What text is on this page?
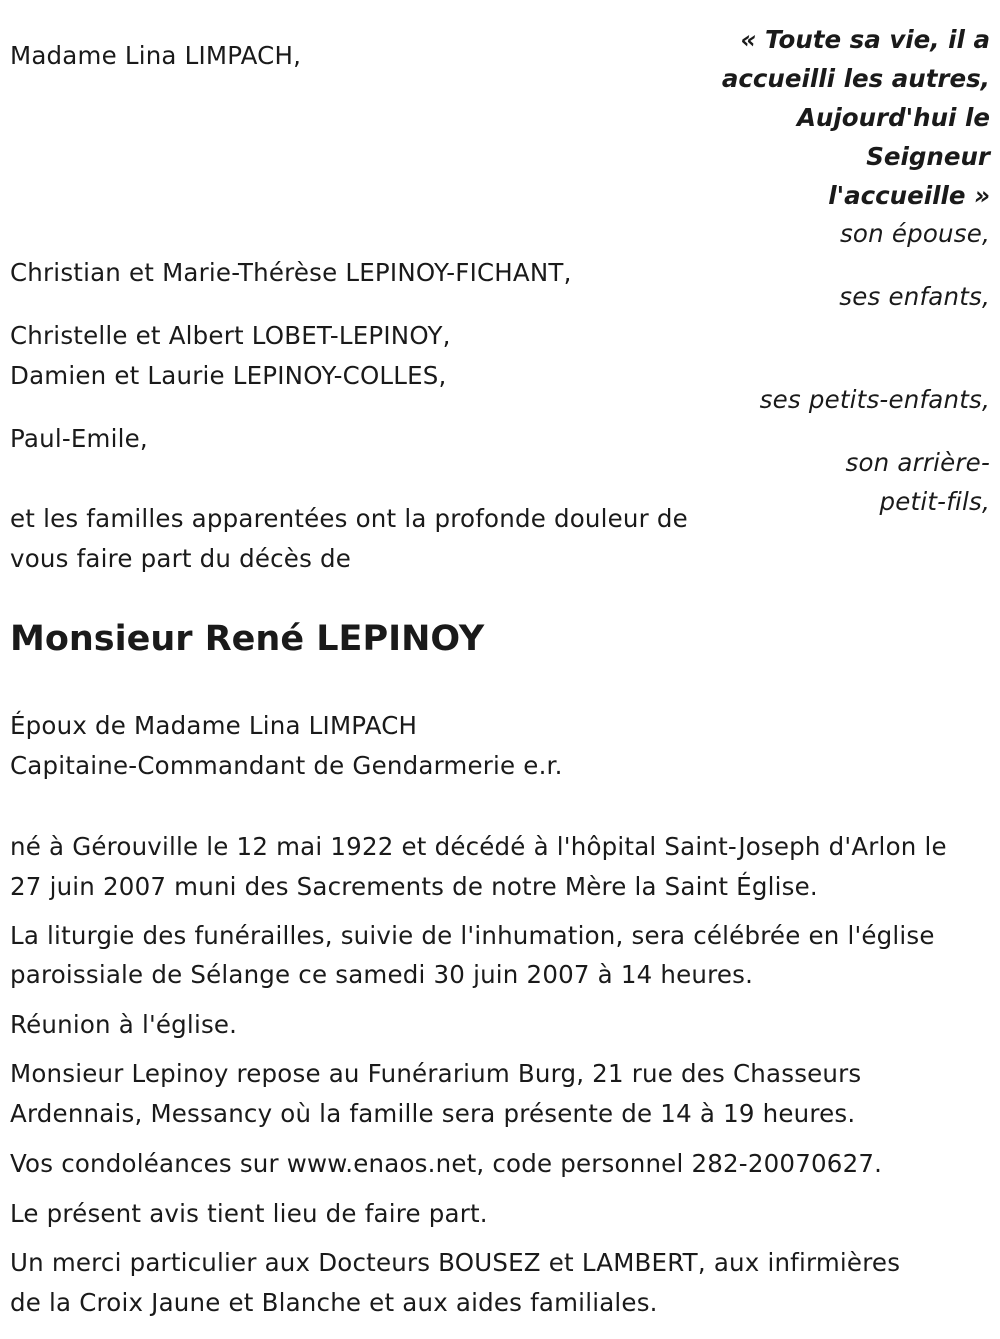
Madame Lina LIMPACH,
« Toute sa vie, il a
accueilli les autres,
Aujourd'hui le
Seigneur
l'accueille »
son épouse,
Christian et Marie-Thérèse LEPINOY-FICHANT,
ses enfants,
Christelle et Albert LOBET-LEPINOY,
Damien et Laurie LEPINOY-COLLES,
ses petits-enfants,
Paul-Emile,
son arrière-
petit-fils,
et les familles apparentées ont la profonde douleur de
vous faire part du décès de
Monsieur René LEPINOY
Époux de Madame Lina LIMPACH
Capitaine-Commandant de Gendarmerie e.r.
né à Gérouville le 12 mai 1922 et décédé à l'hôpital Saint-Joseph d'Arlon le
27 juin 2007 muni des Sacrements de notre Mère la Saint Église.
La liturgie des funérailles, suivie de l'inhumation, sera célébrée en l'église
paroissiale de Sélange ce samedi 30 juin 2007 à 14 heures.
Réunion à l'église.
Monsieur Lepinoy repose au Funérarium Burg, 21 rue des Chasseurs
Ardennais, Messancy où la famille sera présente de 14 à 19 heures.
Vos condoléances sur www.enaos.net, code personnel 282-20070627.
Le présent avis tient lieu de faire part.
Un merci particulier aux Docteurs BOUSEZ et LAMBERT, aux infirmières
de la Croix Jaune et Blanche et aux aides familiales.
